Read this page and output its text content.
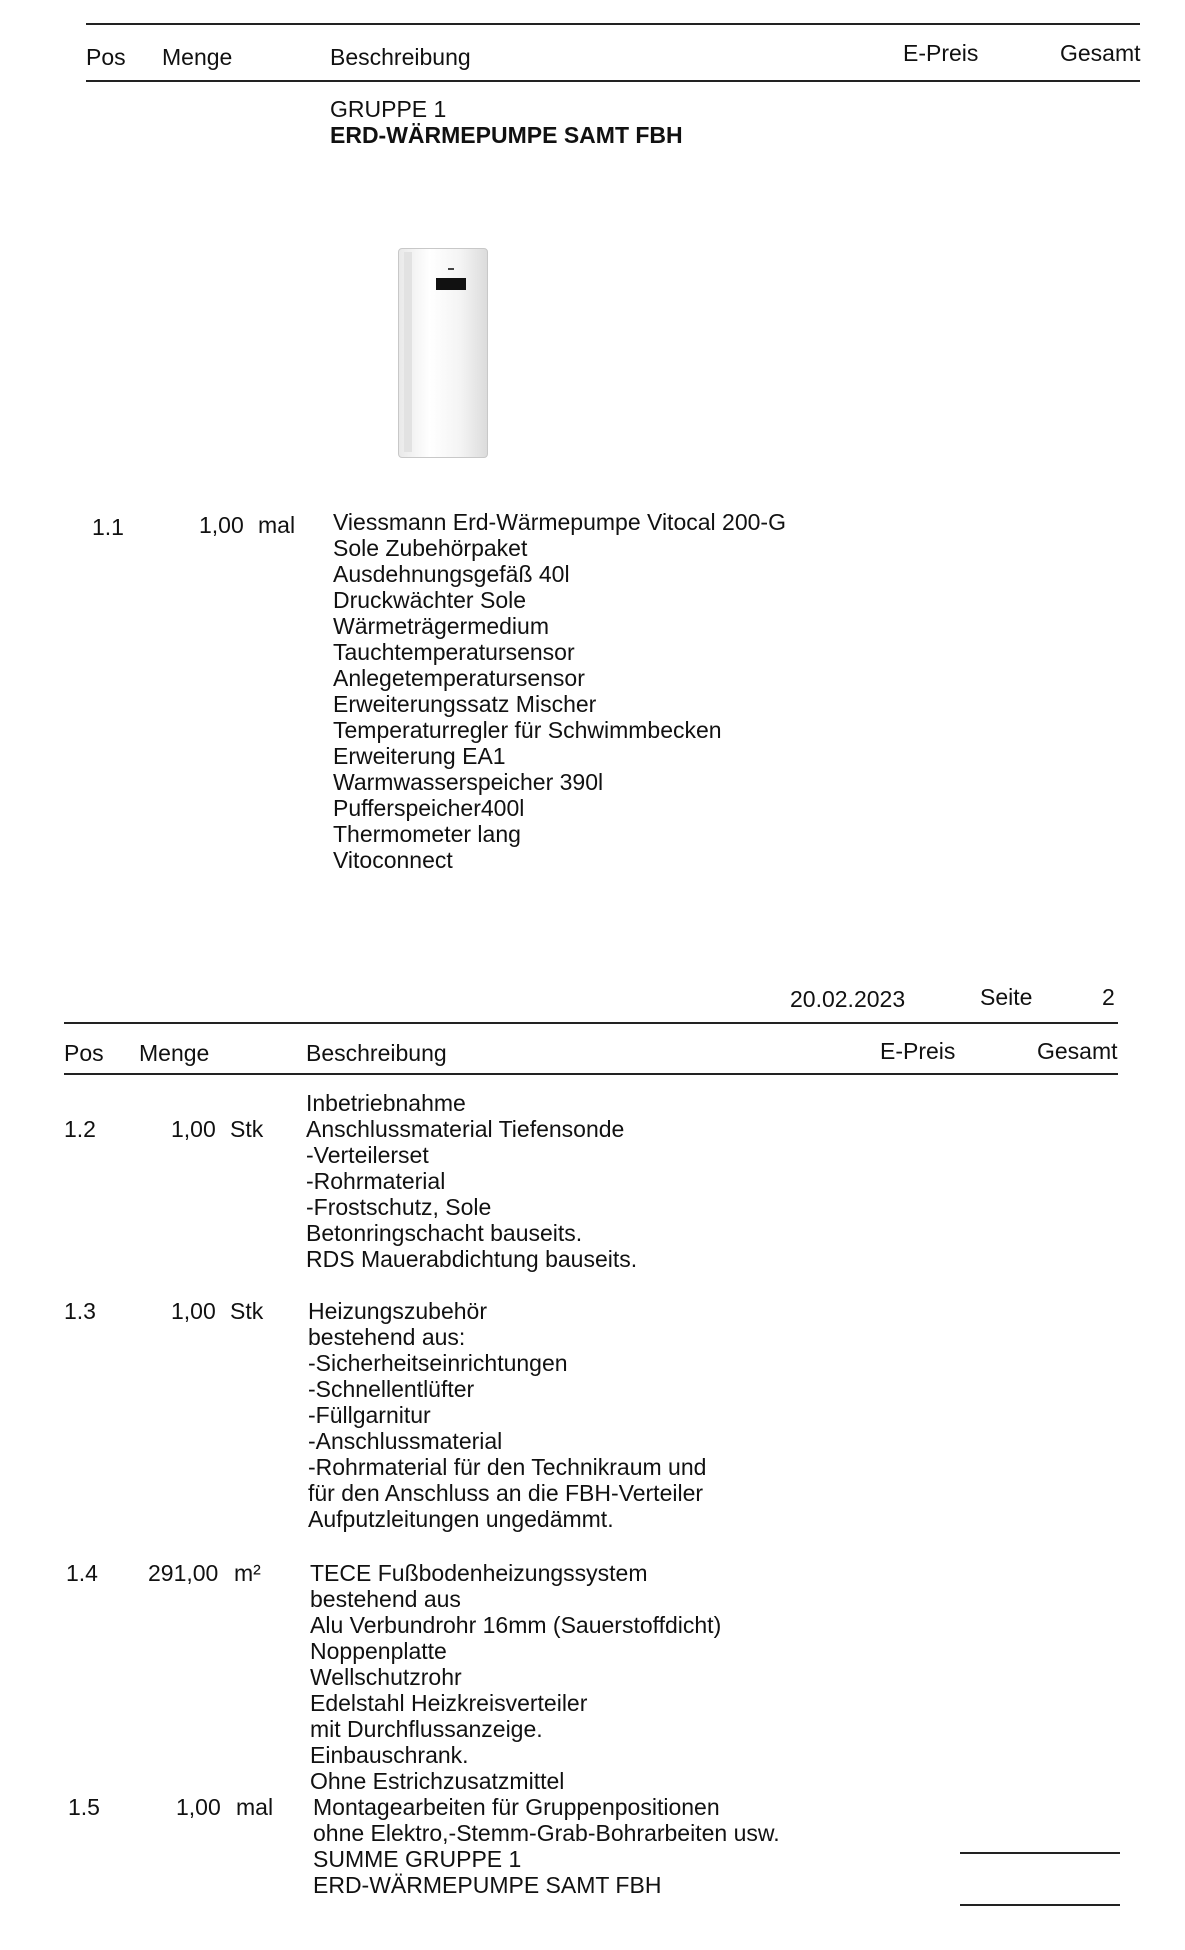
Pos Menge	Beschreibung	E-Preis	Gesamt
GRUPPE 1
ERD-WÄRMEPUMPE SAMT FBH
1.1	1,00 mal Viessmann Erd-Wärmepumpe Vitocal 200-G
Sole Zubehörpaket
Ausdehnungsgefäß 40l
Druckwächter Sole
Wärmeträgermedium
Tauchtemperatursensor
Anlegetemperatursensor
Erweiterungssatz Mischer
Temperaturregler für Schwimmbecken
Erweiterung EA1
Warmwasserspeicher 390l
Pufferspeicher400l
Thermometer lang
Vitoconnect
20.02.2023	Seite	2
Pos Menge	Beschreibung	E-Preis	Gesamt
Inbetriebnahme
1.2	1,00 Stk Anschlussmaterial Tiefensonde
-Verteilerset
-Rohrmaterial
-Frostschutz, Sole
Betonringschacht bauseits.
RDS Mauerabdichtung bauseits.
1.3	1,00 Stk Heizungszubehör
bestehend aus:
-Sicherheitseinrichtungen
-Schnellentlüfter
-Füllgarnitur
-Anschlussmaterial
-Rohrmaterial für den Technikraum und
für den Anschluss an die FBH-Verteiler
Aufputzleitungen ungedämmt.
1.4 291,00 m² TECE Fußbodenheizungssystem
bestehend aus
Alu Verbundrohr 16mm (Sauerstoffdicht)
Noppenplatte
Wellschutzrohr
Edelstahl Heizkreisverteiler
mit Durchflussanzeige.
Einbauschrank.
Ohne Estrichzusatzmittel
1.5	1,00 mal Montagearbeiten für Gruppenpositionen
ohne Elektro,-Stemm-Grab-Bohrarbeiten usw.
SUMME GRUPPE 1
ERD-WÄRMEPUMPE SAMT FBH
